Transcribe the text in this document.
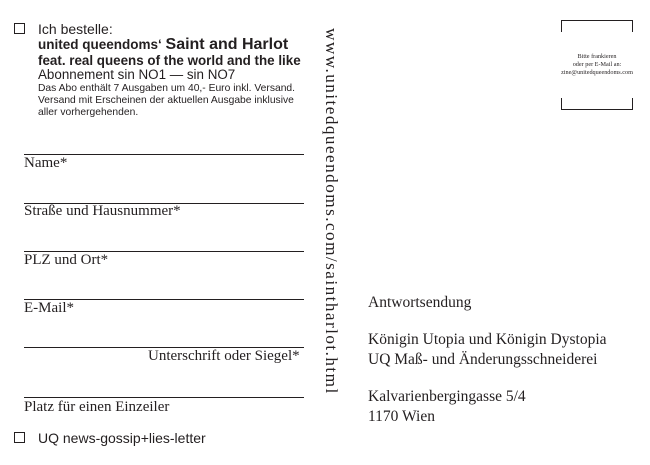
Ich bestelle:
united queendoms‘ Saint and Harlot
feat. real queens of the world and the like
Abonnement sin NO1 — sin NO7
Das Abo enthält 7 Ausgaben um 40,- Euro inkl. Versand.
Versand mit Erscheinen der aktuellen Ausgabe inklusive
aller vorhergehenden.
Name*
Straße und Hausnummer*
PLZ und Ort*
E-Mail*
Unterschrift oder Siegel*
Platz für einen Einzeiler
UQ news-gossip+lies-letter
www.unitedqueendoms.com/saintharlot.html	Bitte frankieren
oder per E-Mail an:
zine@unitedqueendoms.com
Antwortsendung
Königin Utopia und Königin Dystopia
UQ Maß- und Änderungsschneiderei
Kalvarienbergingasse 5/4
1170 Wien
